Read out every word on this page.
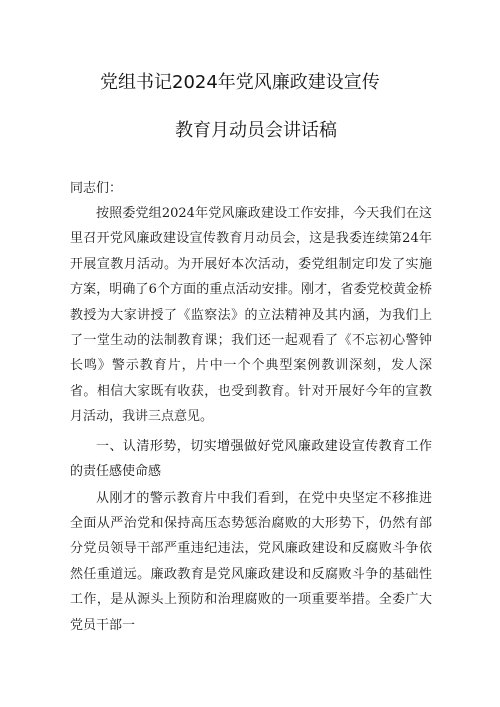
党组书记2024年党风廉政建设宣传
教育月动员会讲话稿

同志们：

按照委党组2024年党风廉政建设工作安排，今天我们在这里召开党风廉政建设宣传教育月动员会，这是我委连续第24年开展宣教月活动。为开展好本次活动，委党组制定印发了实施方案，明确了6个方面的重点活动安排。刚才，省委党校黄金桥教授为大家讲授了《监察法》的立法精神及其内涵，为我们上了一堂生动的法制教育课；我们还一起观看了《不忘初心警钟长鸣》警示教育片，片中一个个典型案例教训深刻，发人深省。相信大家既有收获，也受到教育。针对开展好今年的宣教月活动，我讲三点意见。

一、认清形势，切实增强做好党风廉政建设宣传教育工作的责任感使命感

从刚才的警示教育片中我们看到，在党中央坚定不移推进全面从严治党和保持高压态势惩治腐败的大形势下，仍然有部分党员领导干部严重违纪违法，党风廉政建设和反腐败斗争依然任重道远。廉政教育是党风廉政建设和反腐败斗争的基础性工作，是从源头上预防和治理腐败的一项重要举措。全委广大党员干部一
